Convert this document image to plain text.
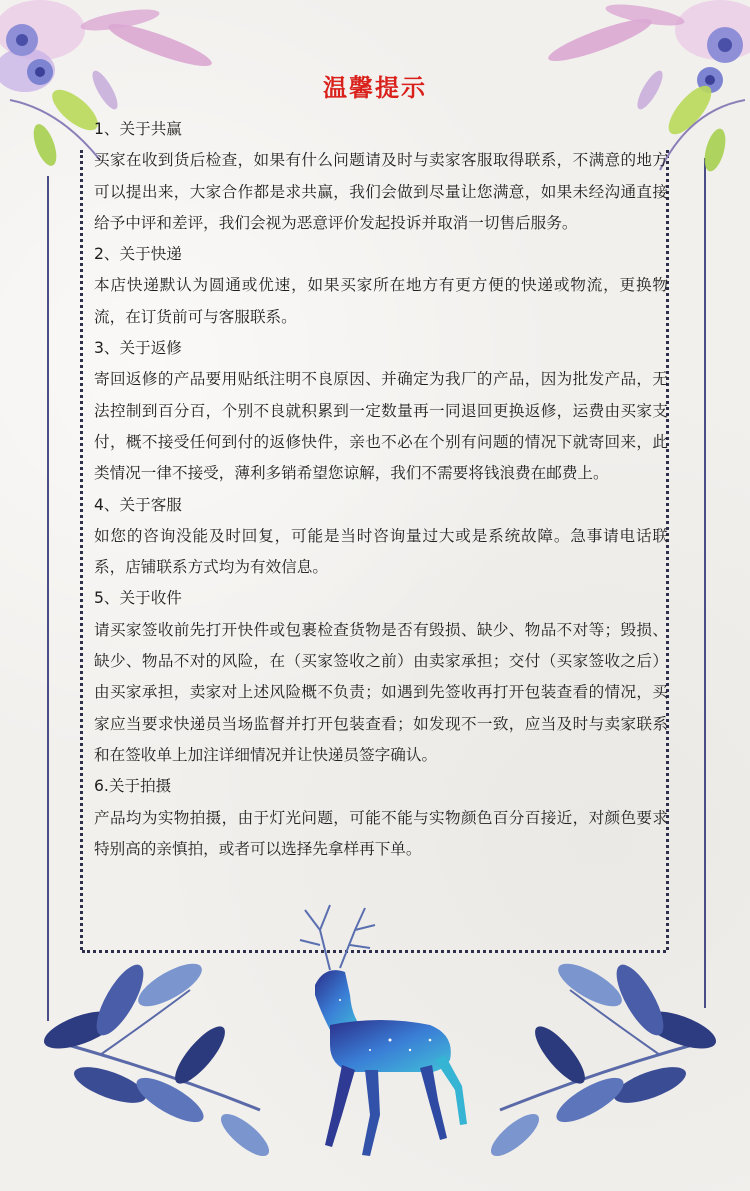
温馨提示

1、关于共赢

买家在收到货后检查，如果有什么问题请及时与卖家客服取得联系，不满意的地方可以提出来，大家合作都是求共赢，我们会做到尽量让您满意，如果未经沟通直接给予中评和差评，我们会视为恶意评价发起投诉并取消一切售后服务。

2、关于快递

本店快递默认为圆通或优速，如果买家所在地方有更方便的快递或物流，更换物流，在订货前可与客服联系。

3、关于返修

寄回返修的产品要用贴纸注明不良原因、并确定为我厂的产品，因为批发产品，无法控制到百分百，个别不良就积累到一定数量再一同退回更换返修，运费由买家支付，概不接受任何到付的返修快件，亲也不必在个别有问题的情况下就寄回来，此类情况一律不接受，薄利多销希望您谅解，我们不需要将钱浪费在邮费上。

4、关于客服

如您的咨询没能及时回复，可能是当时咨询量过大或是系统故障。急事请电话联系，店铺联系方式均为有效信息。

5、关于收件

请买家签收前先打开快件或包裹检查货物是否有毁损、缺少、物品不对等；毁损、缺少、物品不对的风险，在（买家签收之前）由卖家承担；交付（买家签收之后）由买家承担，卖家对上述风险概不负责；如遇到先签收再打开包装查看的情况，买家应当要求快递员当场监督并打开包装查看；如发现不一致，应当及时与卖家联系和在签收单上加注详细情况并让快递员签字确认。

6.关于拍摄

产品均为实物拍摄，由于灯光问题，可能不能与实物颜色百分百接近，对颜色要求特别高的亲慎拍，或者可以选择先拿样再下单。
